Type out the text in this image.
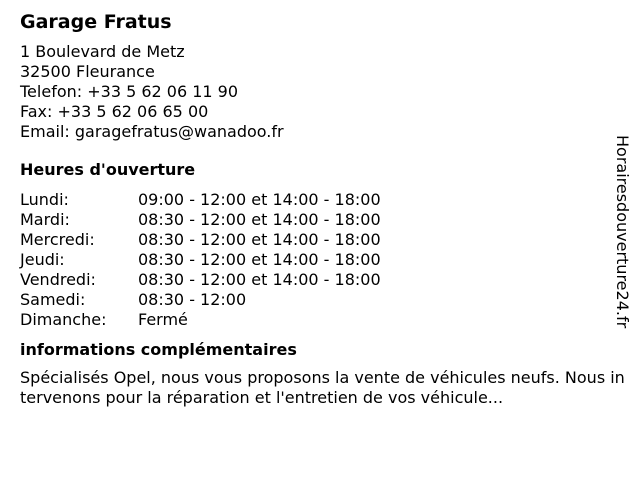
Garage Fratus
1 Boulevard de Metz
32500 Fleurance
Telefon: +33 5 62 06 11 90
Fax: +33 5 62 06 65 00
Email: garagefratus@wanadoo.fr
Heures d'ouverture
Lundi:	09:00 - 12:00 et 14:00 - 18:00
Mardi:	08:30 - 12:00 et 14:00 - 18:00
Mercredi:	08:30 - 12:00 et 14:00 - 18:00
Jeudi:	08:30 - 12:00 et 14:00 - 18:00
Vendredi:	08:30 - 12:00 et 14:00 - 18:00
Samedi:	08:30 - 12:00
Dimanche:	Fermé
informations complémentaires
Spécialisés Opel, nous vous proposons la vente de véhicules neufs. Nous intervenons pour la réparation et l'entretien de vos véhicule...
Horairesdouverture24.fr
